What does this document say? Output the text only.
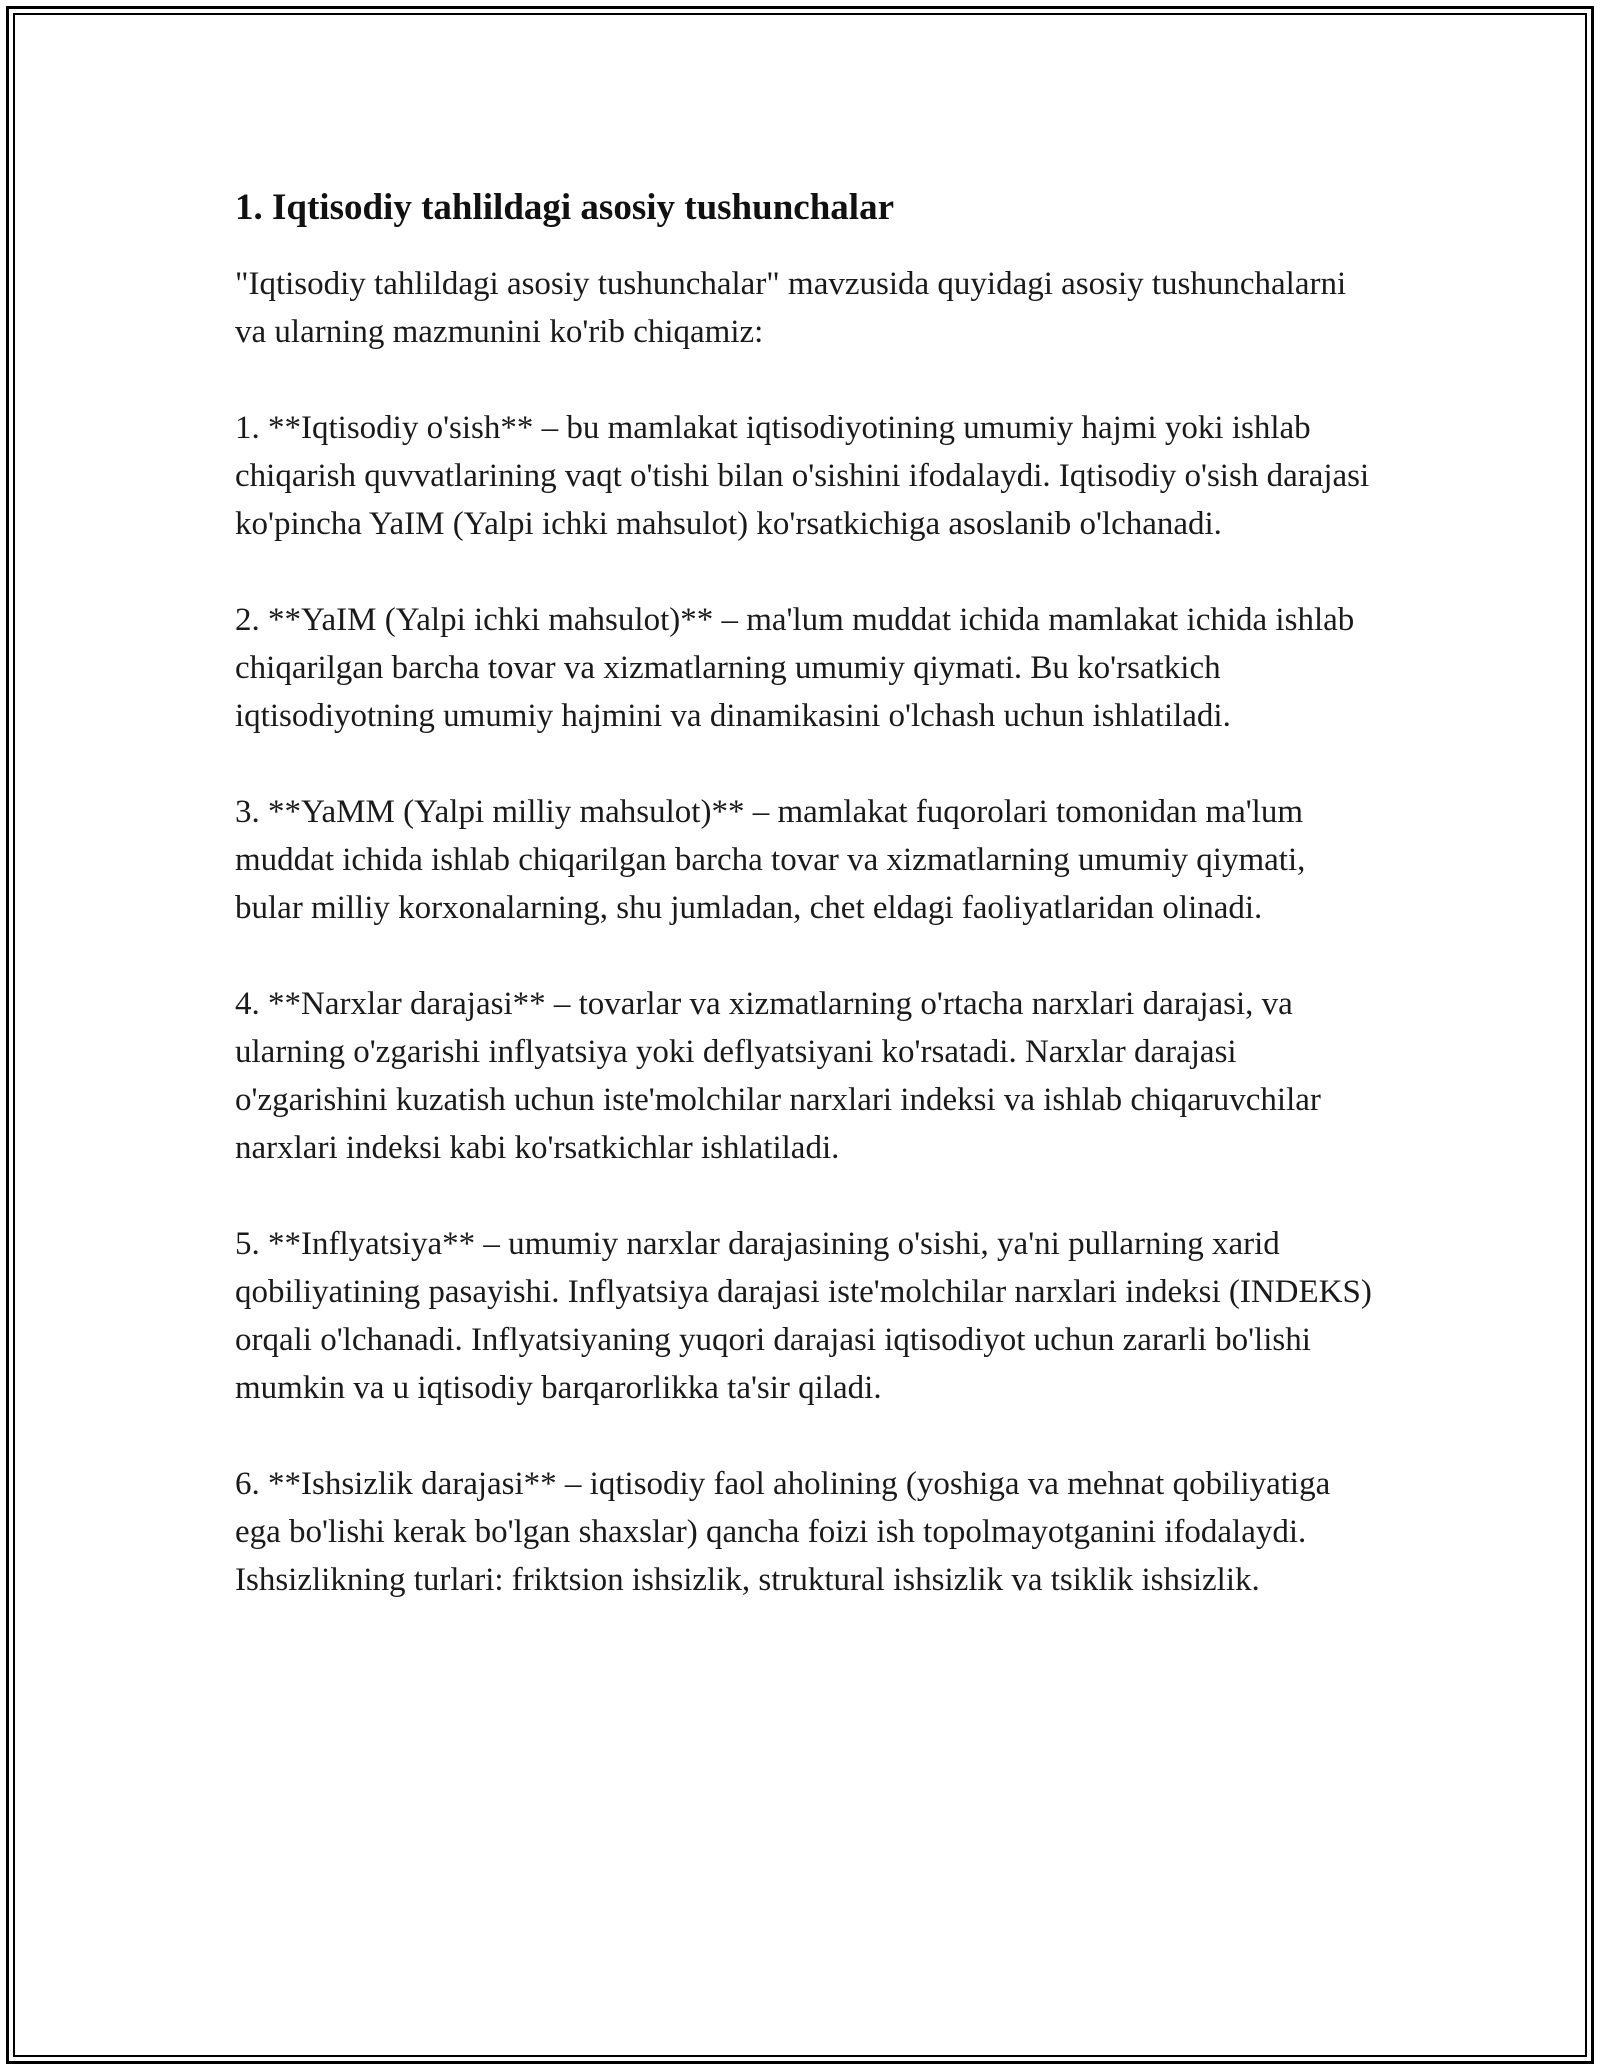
1. Iqtisodiy tahlildagi asosiy tushunchalar

"Iqtisodiy tahlildagi asosiy tushunchalar" mavzusida quyidagi asosiy tushunchalarni va ularning mazmunini ko'rib chiqamiz:

1. **Iqtisodiy o'sish** – bu mamlakat iqtisodiyotining umumiy hajmi yoki ishlab chiqarish quvvatlarining vaqt o'tishi bilan o'sishini ifodalaydi. Iqtisodiy o'sish darajasi ko'pincha YaIM (Yalpi ichki mahsulot) ko'rsatkichiga asoslanib o'lchanadi.

2. **YaIM (Yalpi ichki mahsulot)** – ma'lum muddat ichida mamlakat ichida ishlab chiqarilgan barcha tovar va xizmatlarning umumiy qiymati. Bu ko'rsatkich iqtisodiyotning umumiy hajmini va dinamikasini o'lchash uchun ishlatiladi.

3. **YaMM (Yalpi milliy mahsulot)** – mamlakat fuqorolari tomonidan ma'lum muddat ichida ishlab chiqarilgan barcha tovar va xizmatlarning umumiy qiymati, bular milliy korxonalarning, shu jumladan, chet eldagi faoliyatlaridan olinadi.

4. **Narxlar darajasi** – tovarlar va xizmatlarning o'rtacha narxlari darajasi, va ularning o'zgarishi inflyatsiya yoki deflyatsiyani ko'rsatadi. Narxlar darajasi o'zgarishini kuzatish uchun iste'molchilar narxlari indeksi va ishlab chiqaruvchilar narxlari indeksi kabi ko'rsatkichlar ishlatiladi.

5. **Inflyatsiya** – umumiy narxlar darajasining o'sishi, ya'ni pullarning xarid qobiliyatining pasayishi. Inflyatsiya darajasi iste'molchilar narxlari indeksi (INDEKS) orqali o'lchanadi. Inflyatsiyaning yuqori darajasi iqtisodiyot uchun zararli bo'lishi mumkin va u iqtisodiy barqarorlikka ta'sir qiladi.

6. **Ishsizlik darajasi** – iqtisodiy faol aholining (yoshiga va mehnat qobiliyatiga ega bo'lishi kerak bo'lgan shaxslar) qancha foizi ish topolmayotganini ifodalaydi. Ishsizlikning turlari: friktsion ishsizlik, struktural ishsizlik va tsiklik ishsizlik.
